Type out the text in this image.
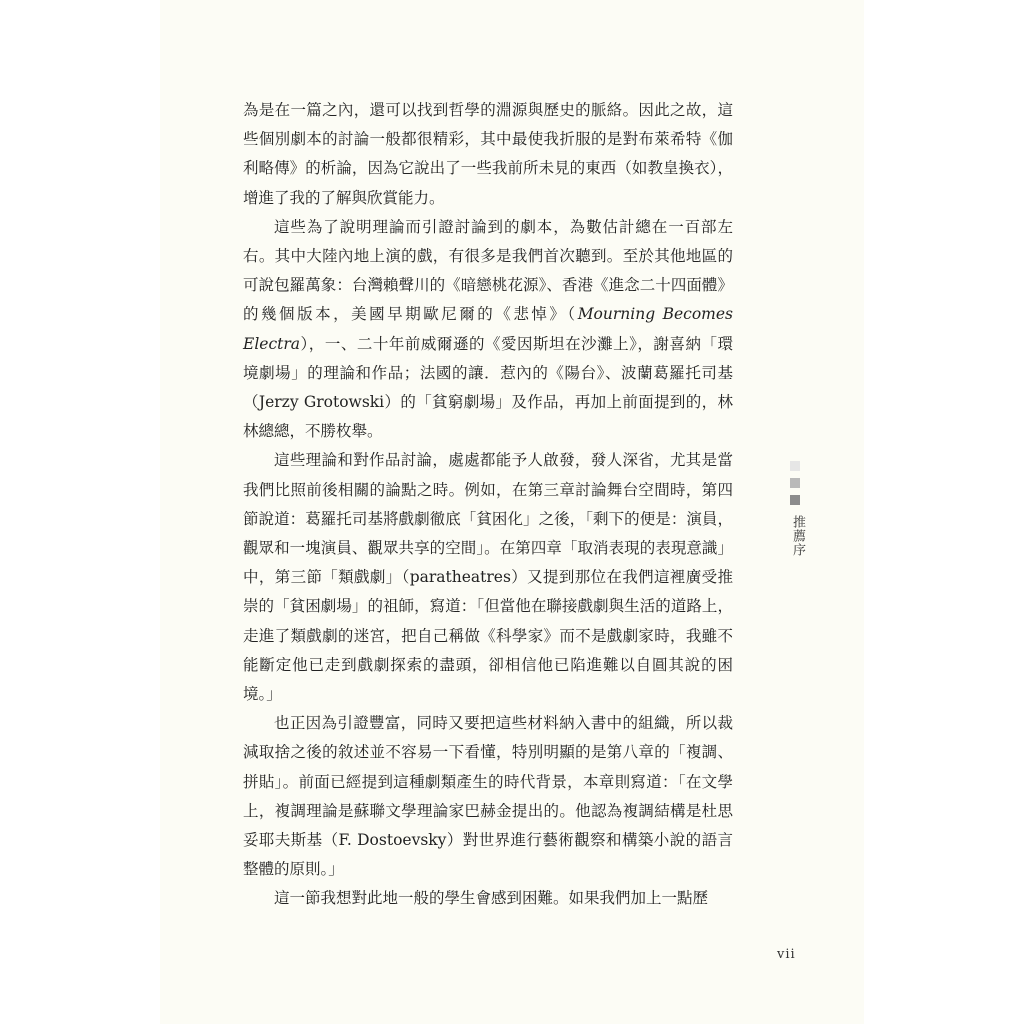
為是在一篇之內，還可以找到哲學的淵源與歷史的脈絡。因此之故，這些個別劇本的討論一般都很精彩，其中最使我折服的是對布萊希特《伽利略傳》的析論，因為它說出了一些我前所未見的東西（如教皇換衣），增進了我的了解與欣賞能力。

這些為了說明理論而引證討論到的劇本，為數估計總在一百部左右。其中大陸內地上演的戲，有很多是我們首次聽到。至於其他地區的可說包羅萬象：台灣賴聲川的《暗戀桃花源》、香港《進念二十四面體》的幾個版本，美國早期歐尼爾的《悲悼》（Mourning Becomes Electra），一、二十年前威爾遜的《愛因斯坦在沙灘上》，謝喜納「環境劇場」的理論和作品；法國的讓．惹內的《陽台》、波蘭葛羅托司基（Jerzy Grotowski）的「貧窮劇場」及作品，再加上前面提到的，林林總總，不勝枚舉。

這些理論和對作品討論，處處都能予人啟發，發人深省，尤其是當我們比照前後相關的論點之時。例如，在第三章討論舞台空間時，第四節說道：葛羅托司基將戲劇徹底「貧困化」之後，「剩下的便是：演員，觀眾和一塊演員、觀眾共享的空間」。在第四章「取消表現的表現意識」中，第三節「類戲劇」（paratheatres）又提到那位在我們這裡廣受推崇的「貧困劇場」的祖師，寫道：「但當他在聯接戲劇與生活的道路上，走進了類戲劇的迷宮，把自己稱做《科學家》而不是戲劇家時，我雖不能斷定他已走到戲劇探索的盡頭，卻相信他已陷進難以自圓其說的困境。」

也正因為引證豐富，同時又要把這些材料納入書中的組織，所以裁減取捨之後的敘述並不容易一下看懂，特別明顯的是第八章的「複調、拼貼」。前面已經提到這種劇類產生的時代背景，本章則寫道：「在文學上，複調理論是蘇聯文學理論家巴赫金提出的。他認為複調結構是杜思妥耶夫斯基（F. Dostoevsky）對世界進行藝術觀察和構築小說的語言整體的原則。」

這一節我想對此地一般的學生會感到困難。如果我們加上一點歷

推薦序
vii
